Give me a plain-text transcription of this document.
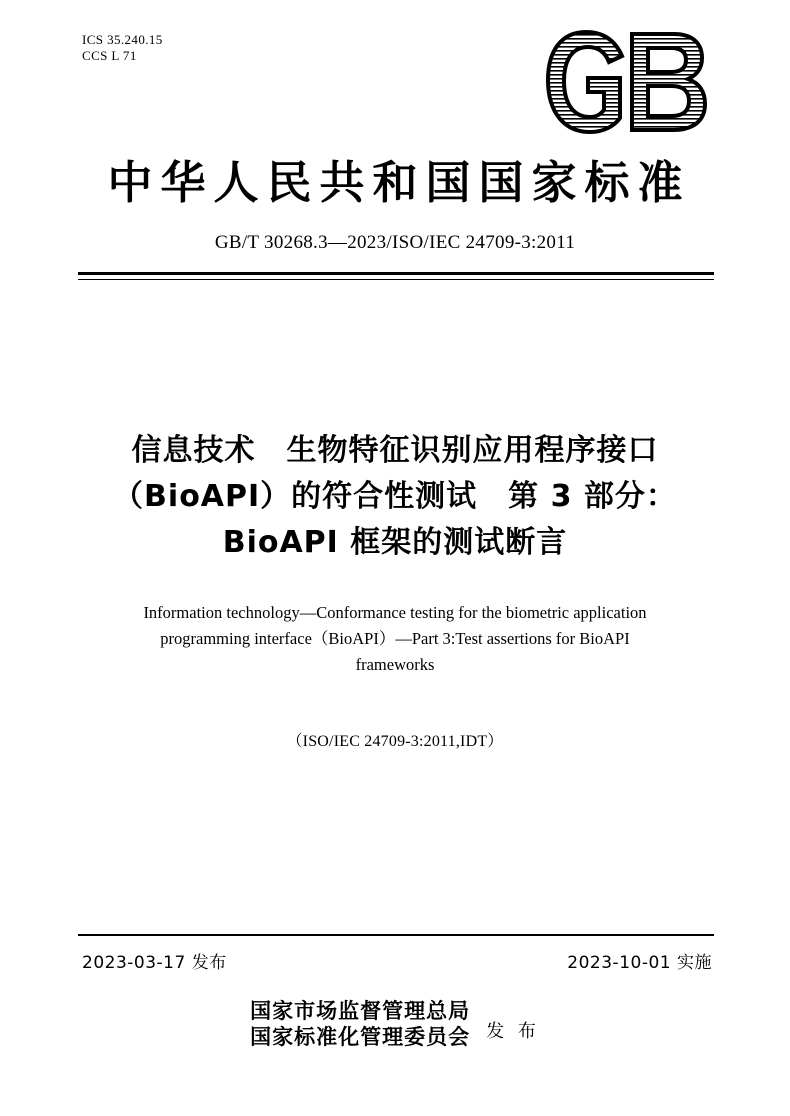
ICS 35.240.15
CCS L 71
中华人民共和国国家标准
GB/T 30268.3—2023/ISO/IEC 24709-3:2011
信息技术　生物特征识别应用程序接口
（BioAPI）的符合性测试　第 3 部分：
BioAPI 框架的测试断言
Information technology—Conformance testing for the biometric application
programming interface（BioAPI）—Part 3:Test assertions for BioAPI
frameworks
（ISO/IEC 24709-3:2011,IDT）
2023-03-17 发布	2023-10-01 实施
国家市场监督管理总局
国家标准化管理委员会 发 布
